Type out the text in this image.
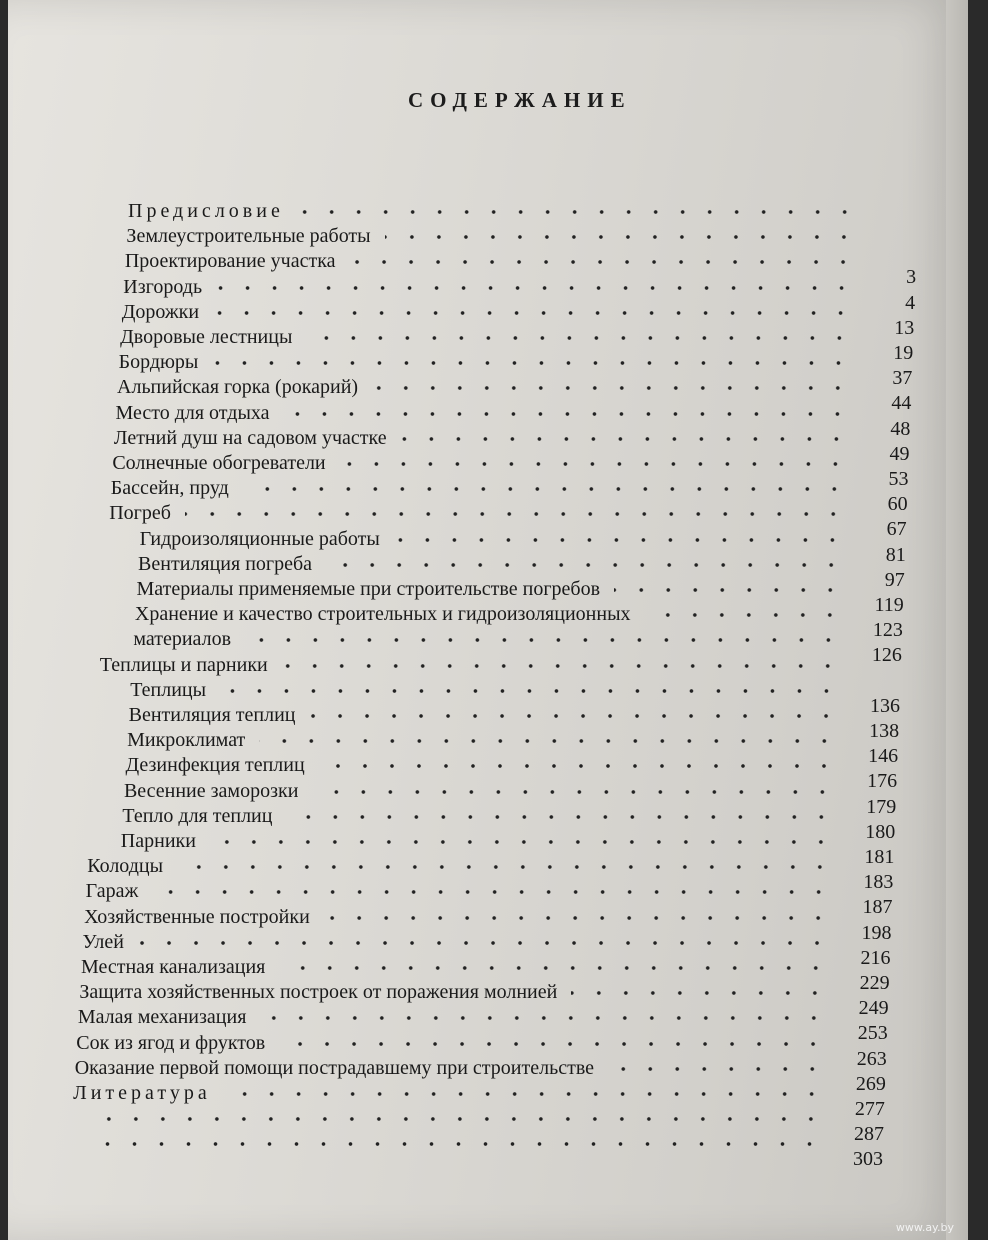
СОДЕРЖАНИЕ
Предисловие
Землеустроительные работы
Проектирование участка
3
Изгородь
4
Дорожки
13
Дворовые лестницы
19
Бордюры
37
Альпийская горка (рокарий)
44
Место для отдыха
48
Летний душ на садовом участке
49
Солнечные обогреватели
53
Бассейн, пруд
60
Погреб
67
Гидроизоляционные работы
81
Вентиляция погреба
97
Материалы применяемые при строительстве погребов
119
Хранение и качество строительных и гидроизоляционных
123
материалов
126
Теплицы и парники
Теплицы
136
Вентиляция теплиц
138
Микроклимат
146
Дезинфекция теплиц
176
Весенние заморозки
179
Тепло для теплиц
180
Парники
181
Колодцы
183
Гараж
187
Хозяйственные постройки
198
Улей
216
Местная канализация
229
Защита хозяйственных построек от поражения молнией
249
Малая механизация
253
Сок из ягод и фруктов
263
Оказание первой помощи пострадавшему при строительстве
269
Литература
277
287
303
www.ay.by
